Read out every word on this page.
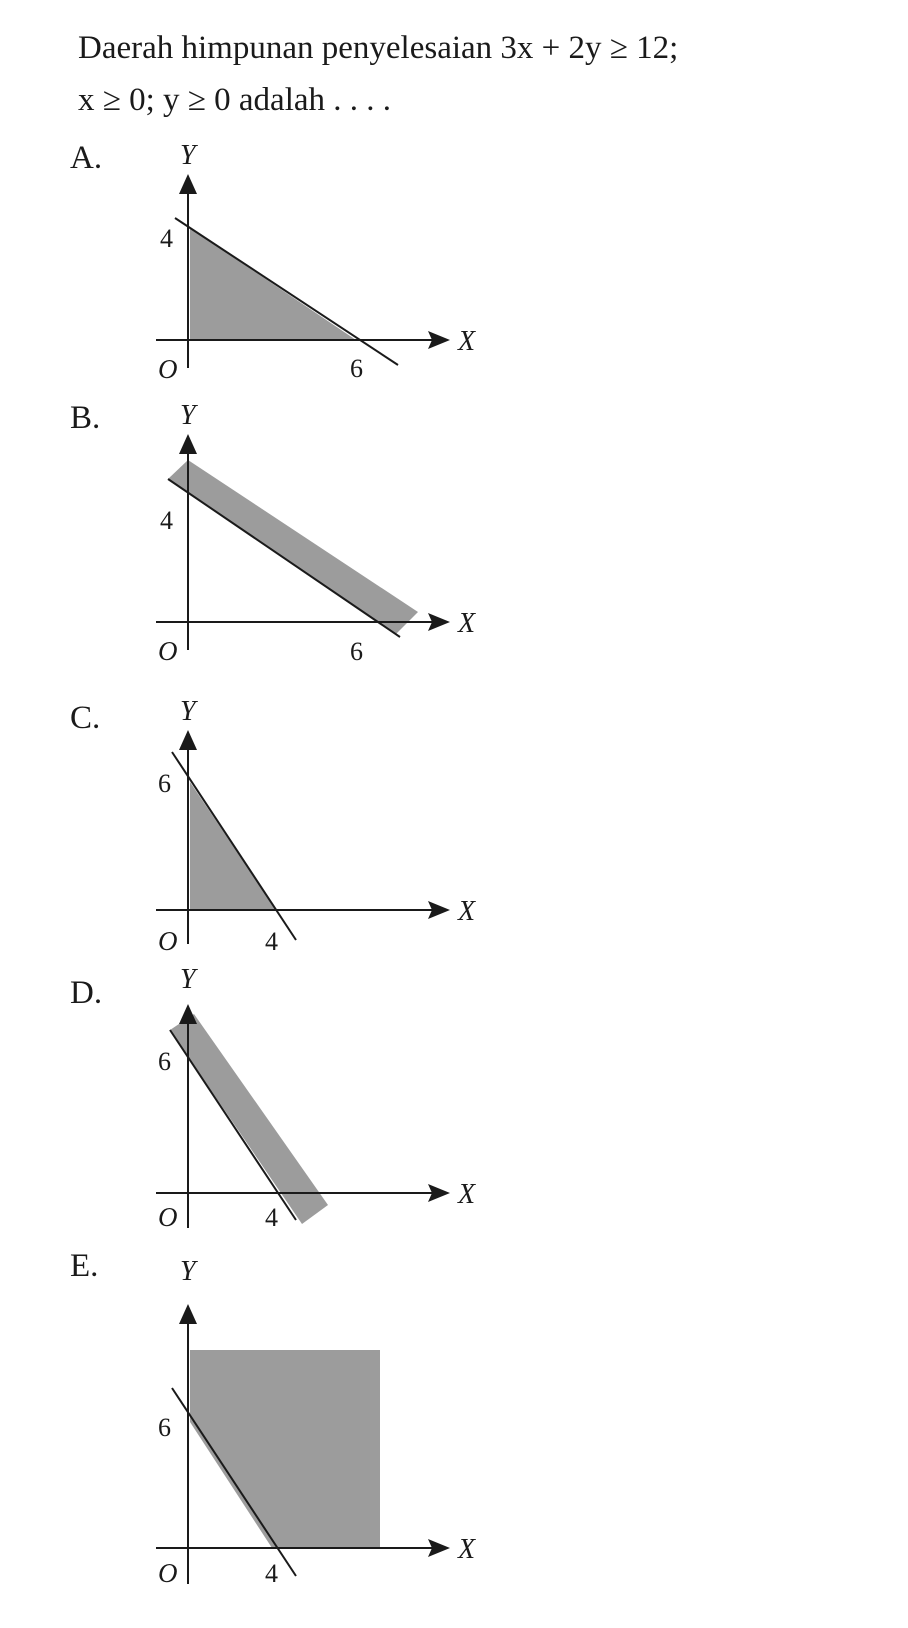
Daerah himpunan penyelesaian 3x + 2y ≥ 12;
x ≥ 0; y ≥ 0 adalah . . . .
A.	Y
X
4
6
O
B.	Y
X
4
6
O
C.	Y
X
6
4
O
D.	Y
X
6
4
O
E.	Y
X
6
4
O
